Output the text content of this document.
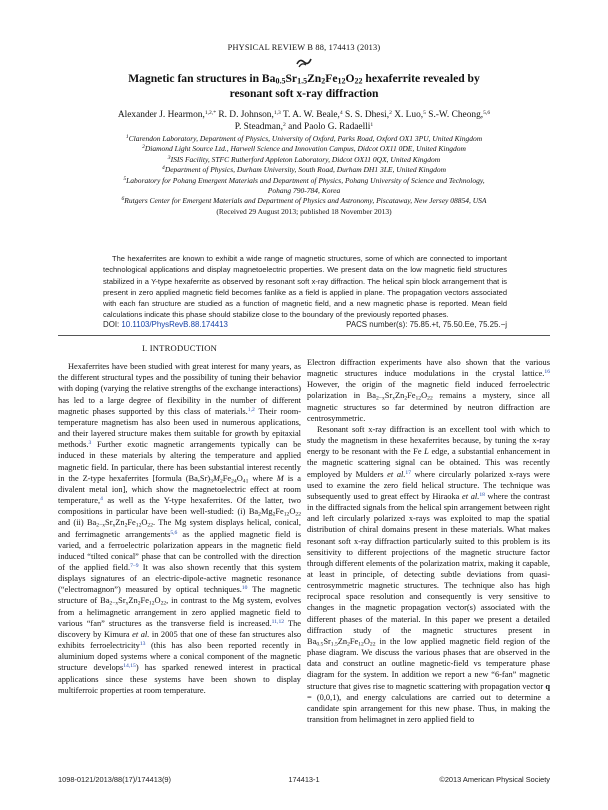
PHYSICAL REVIEW B 88, 174413 (2013)
Magnetic fan structures in $Ba_{0.5}Sr_{1.5}Zn_2Fe_{12}O_{22}$ hexaferrite revealed by
resonant soft x-ray diffraction
Alexander J. Hearmon,$^{1,2,*}$ R. D. Johnson,$^{1,3}$ T. A. W. Beale,$^4$ S. S. Dhesi,$^2$ X. Luo,$^5$ S.-W. Cheong,$^{5,6}$
P. Steadman,$^2$ and Paolo G. Radaelli$^1$
$^1$Clarendon Laboratory, Department of Physics, University of Oxford, Parks Road, Oxford OX1 3PU, United Kingdom
$^2$Diamond Light Source Ltd., Harwell Science and Innovation Campus, Didcot OX11 0DE, United Kingdom
$^3$ISIS Facility, STFC Rutherford Appleton Laboratory, Didcot OX11 0QX, United Kingdom
$^4$Department of Physics, Durham University, South Road, Durham DH1 3LE, United Kingdom
$^5$Laboratory for Pohang Emergent Materials and Department of Physics, Pohang University of Science and Technology,
Pohang 790-784, Korea
$^6$Rutgers Center for Emergent Materials and Department of Physics and Astronomy, Piscataway, New Jersey 08854, USA
(Received 29 August 2013; published 18 November 2013)
The hexaferrites are known to exhibit a wide range of magnetic structures, some of which are connected to important technological applications and display magnetoelectric properties. We present data on the low magnetic field structures stabilized in a Y-type hexaferrite as observed by resonant soft x-ray diffraction. The helical spin block arrangement that is present in zero applied magnetic field becomes fanlike as a field is applied in plane. The propagation vectors associated with each fan structure are studied as a function of magnetic field, and a new magnetic phase is reported. Mean field calculations indicate this phase should stabilize close to the boundary of the previously reported phases.
DOI: 10.1103/PhysRevB.88.174413	PACS number(s): 75.85.+t, 75.50.Ee, 75.25.−j
I. INTRODUCTION

Hexaferrites have been studied with great interest for many years, as the different structural types and the possibility of tuning their behavior with doping (varying the relative strengths of the exchange interactions) has led to a large degree of flexibility in the number of different magnetic phases supported by this class of materials.$^{1,2}$ Their room-temperature magnetism has also been used in numerous applications, and their layered structure makes them suitable for growth by epitaxial methods.$^3$ Further exotic magnetic arrangements typically can be induced in these materials by altering the temperature and applied magnetic field. In particular, there has been substantial interest recently in the Z-type hexaferrites [formula $(Ba,Sr)_3M_2Fe_{24}O_{41}$ where M is a divalent metal ion], which show the magnetoelectric effect at room temperature,$^4$ as well as the Y-type hexaferrites. Of the latter, two compositions in particular have been well-studied: (i) $Ba_2Mg_2Fe_{12}O_{22}$ and (ii) $Ba_{2-x}Sr_xZn_2Fe_{12}O_{22}$. The Mg system displays helical, conical, and ferrimagnetic arrangements$^{5,6}$ as the applied magnetic field is varied, and a ferroelectric polarization appears in the magnetic field induced “tilted conical” phase that can be controlled with the direction of the applied field.$^{7-9}$ It was also shown recently that this system displays signatures of an electric-dipole-active magnetic resonance (“electromagnon”) measured by optical techniques.$^{10}$ The magnetic structure of $Ba_{2-x}Sr_xZn_2Fe_{12}O_{22}$, in contrast to the Mg system, evolves from a helimagnetic arrangement in zero applied magnetic field to various “fan” structures as the transverse field is increased.$^{11,12}$ The discovery by Kimura et al. in 2005 that one of these fan structures also exhibits ferroelectricity$^{13}$ (this has also been reported recently in aluminium doped systems where a conical component of the magnetic structure develops$^{14,15}$) has sparked renewed interest in practical applications since these systems have been shown to display multiferroic properties at room temperature.

Electron diffraction experiments have also shown that the various magnetic structures induce modulations in the crystal lattice.$^{16}$ However, the origin of the magnetic field induced ferroelectric polarization in $Ba_{2-x}Sr_xZn_2Fe_{12}O_{22}$ remains a mystery, since all magnetic structures so far determined by neutron diffraction are centrosymmetric.

Resonant soft x-ray diffraction is an excellent tool with which to study the magnetism in these hexaferrites because, by tuning the x-ray energy to be resonant with the Fe L edge, a substantial enhancement in the magnetic scattering signal can be obtained. This was recently employed by Mulders et al.$^{17}$ where circularly polarized x-rays were used to examine the zero field helical structure. The technique was subsequently used to great effect by Hiraoka et al.$^{18}$ where the contrast in the diffracted signals from the helical spin arrangement between right and left circularly polarized x-rays was exploited to map the spatial distribution of chiral domains present in these materials. What makes resonant soft x-ray diffraction particularly suited to this problem is its sensitivity to different projections of the magnetic structure factor through different elements of the polarization matrix, making it capable, at least in principle, of detecting subtle deviations from quasi-centrosymmetric magnetic structures. The technique also has high reciprocal space resolution and consequently is very sensitive to changes in the magnetic propagation vector(s) associated with the different phases of the material. In this paper we present a detailed diffraction study of the magnetic structures present in $Ba_{0.5}Sr_{1.5}Zn_2Fe_{12}O_{22}$ in the low applied magnetic field region of the phase diagram. We discuss the various phases that are observed in the data and construct an outline magnetic-field vs temperature phase diagram for the system. In addition we report a new “6-fan” magnetic structure that gives rise to magnetic scattering with propagation vector q = (0,0,1), and energy calculations are carried out to determine a candidate spin arrangement for this new phase. Thus, in making the transition from helimagnet in zero applied field to

1098-0121/2013/88(17)/174413(9)	174413-1	©2013 American Physical Society
